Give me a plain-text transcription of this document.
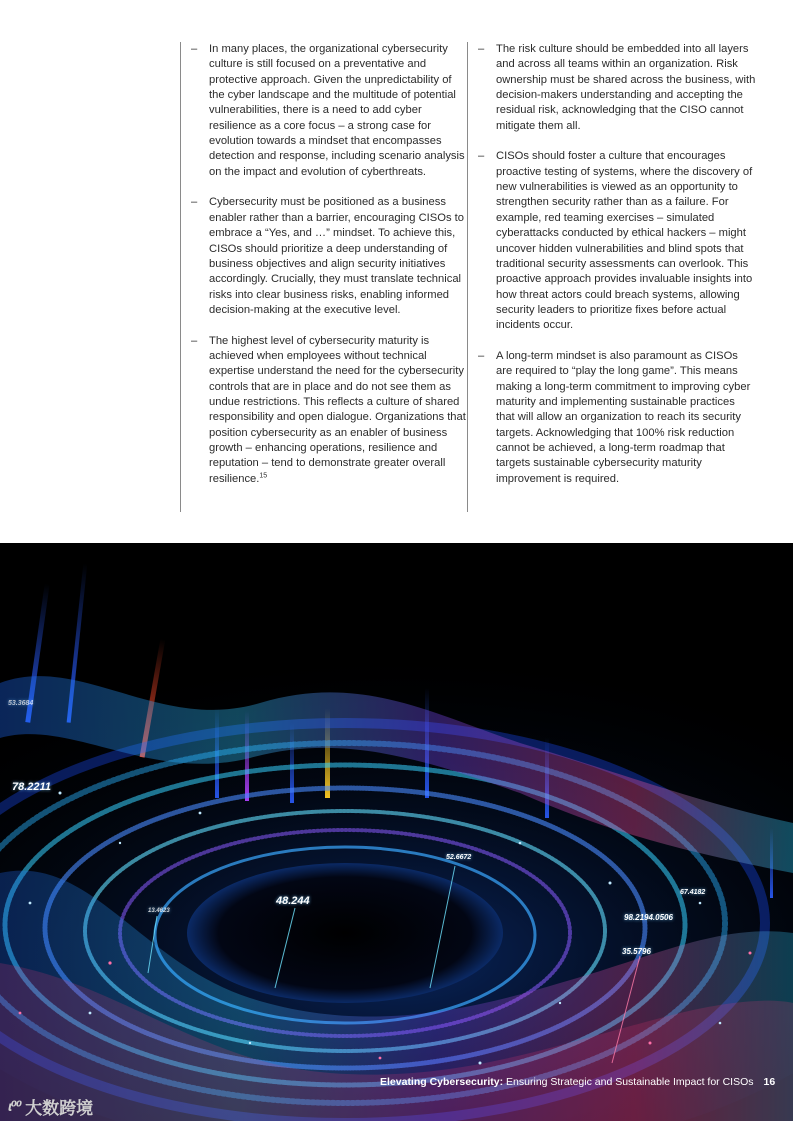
– In many places, the organizational cybersecurity culture is still focused on a preventative and protective approach. Given the unpredictability of the cyber landscape and the multitude of potential vulnerabilities, there is a need to add cyber resilience as a core focus – a strong case for evolution towards a mindset that encompasses detection and response, including scenario analysis on the impact and evolution of cyberthreats.
– Cybersecurity must be positioned as a business enabler rather than a barrier, encouraging CISOs to embrace a “Yes, and …” mindset. To achieve this, CISOs should prioritize a deep understanding of business objectives and align security initiatives accordingly. Crucially, they must translate technical risks into clear business risks, enabling informed decision-making at the executive level.
– The highest level of cybersecurity maturity is achieved when employees without technical expertise understand the need for the cybersecurity controls that are in place and do not see them as undue restrictions. This reflects a culture of shared responsibility and open dialogue. Organizations that position cybersecurity as an enabler of business growth – enhancing operations, resilience and reputation – tend to demonstrate greater overall resilience.$^{15}$
– The risk culture should be embedded into all layers and across all teams within an organization. Risk ownership must be shared across the business, with decision-makers understanding and accepting the residual risk, acknowledging that the CISO cannot mitigate them all.
– CISOs should foster a culture that encourages proactive testing of systems, where the discovery of new vulnerabilities is viewed as an opportunity to strengthen security rather than as a failure. For example, red teaming exercises – simulated cyberattacks conducted by ethical hackers – might uncover hidden vulnerabilities and blind spots that traditional security assessments can overlook. This proactive approach provides invaluable insights into how threat actors could breach systems, allowing security leaders to prioritize fixes before actual incidents occur.
– A long-term mindset is also paramount as CISOs are required to “play the long game”. This means making a long-term commitment to improving cyber maturity and implementing sustainable practices that will allow an organization to reach its security targets. Acknowledging that 100% risk reduction cannot be achieved, a long-term roadmap that targets sustainable cybersecurity maturity improvement is required.
78.2211
48.244
52.6672
67.4182
98.2194.0506
35.5796
53.3684
13.4623
Elevating Cybersecurity: Ensuring Strategic and Sustainable Impact for CISOs 16
ɩ⁰⁰ 大数跨境
